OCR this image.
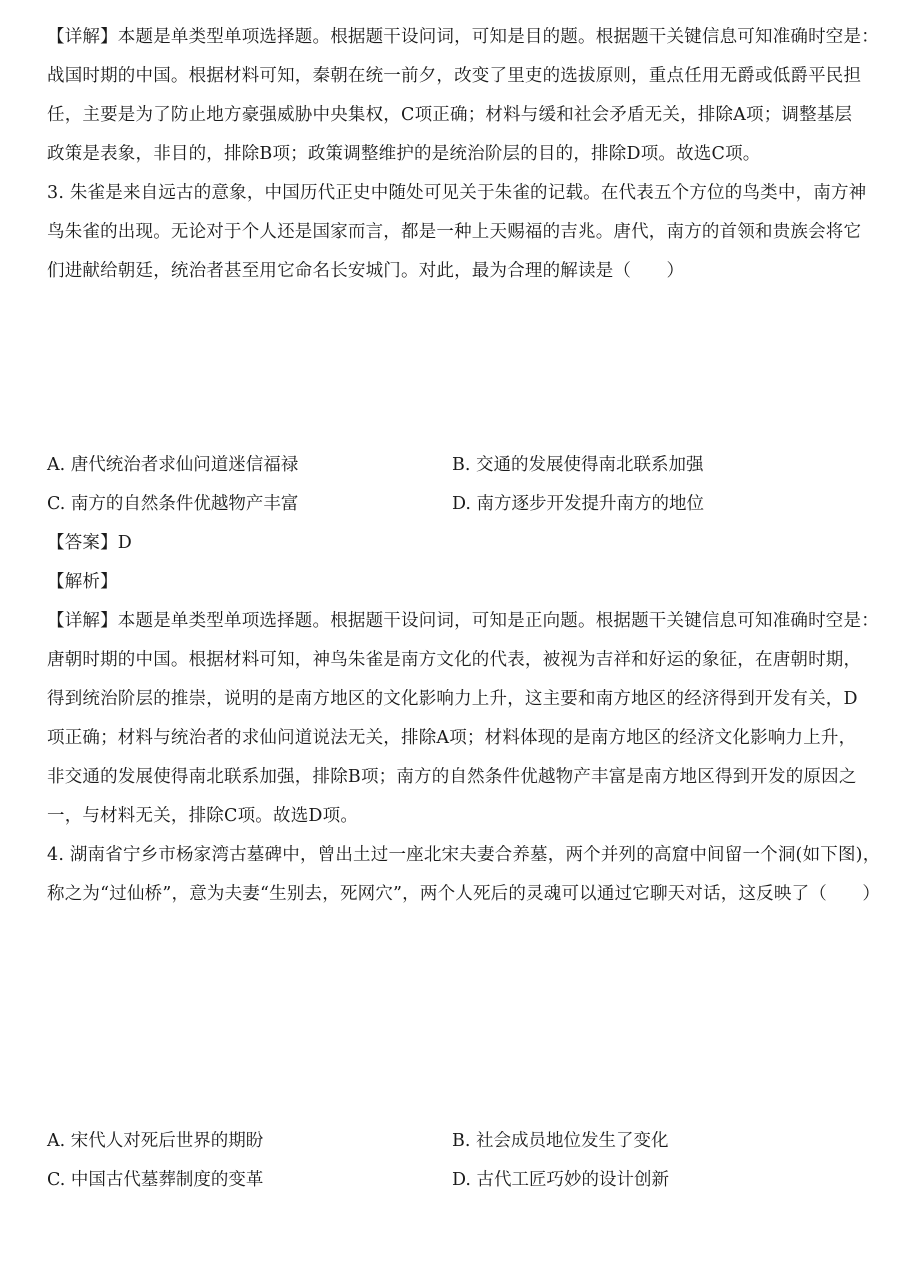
【详解】本题是单类型单项选择题。根据题干设问词，可知是目的题。根据题干关键信息可知准确时空是：
战国时期的中国。根据材料可知，秦朝在统一前夕，改变了里吏的选拔原则，重点任用无爵或低爵平民担
任，主要是为了防止地方豪强威胁中央集权，C项正确；材料与缓和社会矛盾无关，排除A项；调整基层
政策是表象，非目的，排除B项；政策调整维护的是统治阶层的目的，排除D项。故选C项。
3. 朱雀是来自远古的意象，中国历代正史中随处可见关于朱雀的记载。在代表五个方位的鸟类中，南方神
鸟朱雀的出现。无论对于个人还是国家而言，都是一种上天赐福的吉兆。唐代，南方的首领和贵族会将它
们进献给朝廷，统治者甚至用它命名长安城门。对此，最为合理的解读是（　　）
A. 唐代统治者求仙问道迷信福禄	B. 交通的发展使得南北联系加强
C. 南方的自然条件优越物产丰富	D. 南方逐步开发提升南方的地位
【答案】D
【解析】
【详解】本题是单类型单项选择题。根据题干设问词，可知是正向题。根据题干关键信息可知准确时空是：
唐朝时期的中国。根据材料可知，神鸟朱雀是南方文化的代表，被视为吉祥和好运的象征，在唐朝时期，
得到统治阶层的推崇，说明的是南方地区的文化影响力上升，这主要和南方地区的经济得到开发有关，D
项正确；材料与统治者的求仙问道说法无关，排除A项；材料体现的是南方地区的经济文化影响力上升，
非交通的发展使得南北联系加强，排除B项；南方的自然条件优越物产丰富是南方地区得到开发的原因之
一，与材料无关，排除C项。故选D项。
4. 湖南省宁乡市杨家湾古墓碑中，曾出土过一座北宋夫妻合养墓，两个并列的高窟中间留一个洞(如下图)，
称之为“过仙桥”，意为夫妻“生别去，死网穴”，两个人死后的灵魂可以通过它聊天对话，这反映了（　　）
A. 宋代人对死后世界的期盼	B. 社会成员地位发生了变化
C. 中国古代墓葬制度的变革	D. 古代工匠巧妙的设计创新
